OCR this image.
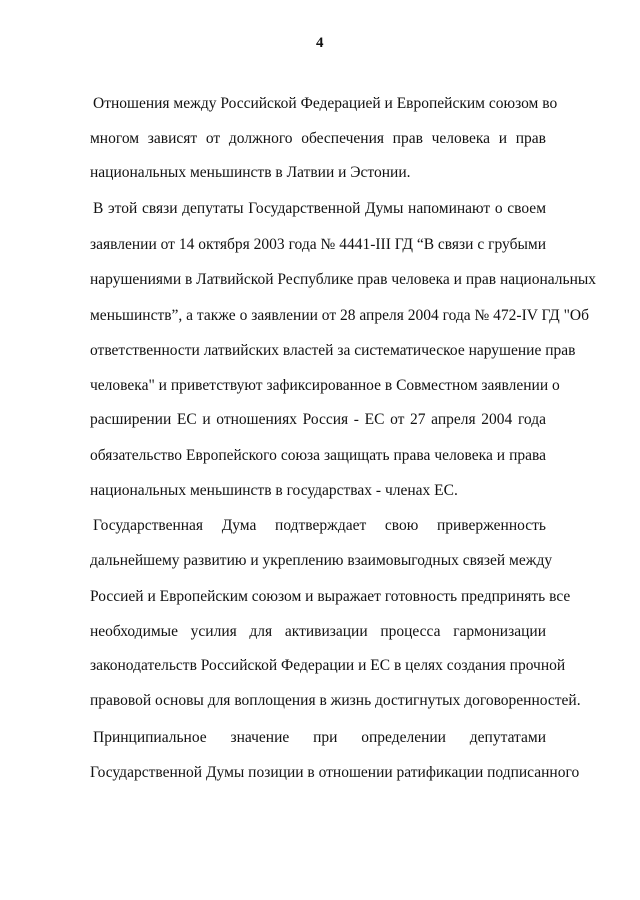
4
Отношения между Российской Федерацией и Европейским союзом во
многом зависят от должного обеспечения прав человека и прав
национальных меньшинств в Латвии и Эстонии.
В этой связи депутаты Государственной Думы напоминают о своем
заявлении от 14 октября 2003 года № 4441-III ГД “В связи с грубыми
нарушениями в Латвийской Республике прав человека и прав национальных
меньшинств”, а также о заявлении от 28 апреля 2004 года № 472-IV ГД "Об
ответственности латвийских властей за систематическое нарушение прав
человека" и приветствуют зафиксированное в Совместном заявлении о
расширении ЕС и отношениях Россия - ЕС от 27 апреля 2004 года
обязательство Европейского союза защищать права человека и права
национальных меньшинств в государствах - членах ЕС.
Государственная Дума подтверждает свою приверженность
дальнейшему развитию и укреплению взаимовыгодных связей между
Россией и Европейским союзом и выражает готовность предпринять все
необходимые усилия для активизации процесса гармонизации
законодательств Российской Федерации и ЕС в целях создания прочной
правовой основы для воплощения в жизнь достигнутых договоренностей.
Принципиальное значение при определении депутатами
Государственной Думы позиции в отношении ратификации подписанного
